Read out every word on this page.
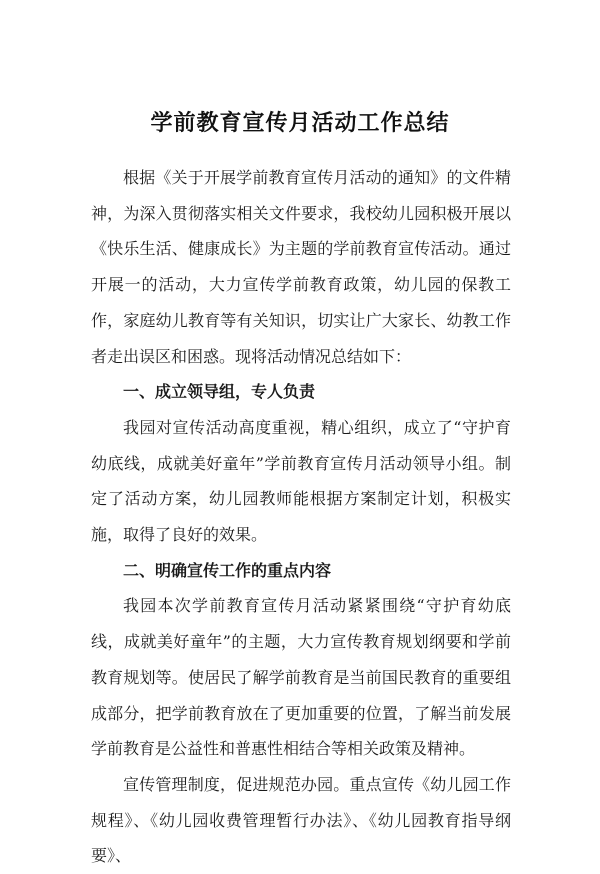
学前教育宣传月活动工作总结

根据《关于开展学前教育宣传月活动的通知》的文件精神，为深入贯彻落实相关文件要求，我校幼儿园积极开展以《快乐生活、健康成长》为主题的学前教育宣传活动。通过开展一的活动，大力宣传学前教育政策，幼儿园的保教工作，家庭幼儿教育等有关知识，切实让广大家长、幼教工作者走出误区和困惑。现将活动情况总结如下：

一、成立领导组，专人负责

我园对宣传活动高度重视，精心组织，成立了“守护育幼底线，成就美好童年”学前教育宣传月活动领导小组。制定了活动方案，幼儿园教师能根据方案制定计划，积极实施，取得了良好的效果。

二、明确宣传工作的重点内容

我园本次学前教育宣传月活动紧紧围绕“守护育幼底线，成就美好童年”的主题，大力宣传教育规划纲要和学前教育规划等。使居民了解学前教育是当前国民教育的重要组成部分，把学前教育放在了更加重要的位置，了解当前发展学前教育是公益性和普惠性相结合等相关政策及精神。

宣传管理制度，促进规范办园。重点宣传《幼儿园工作规程》、《幼儿园收费管理暂行办法》、《幼儿园教育指导纲要》、
